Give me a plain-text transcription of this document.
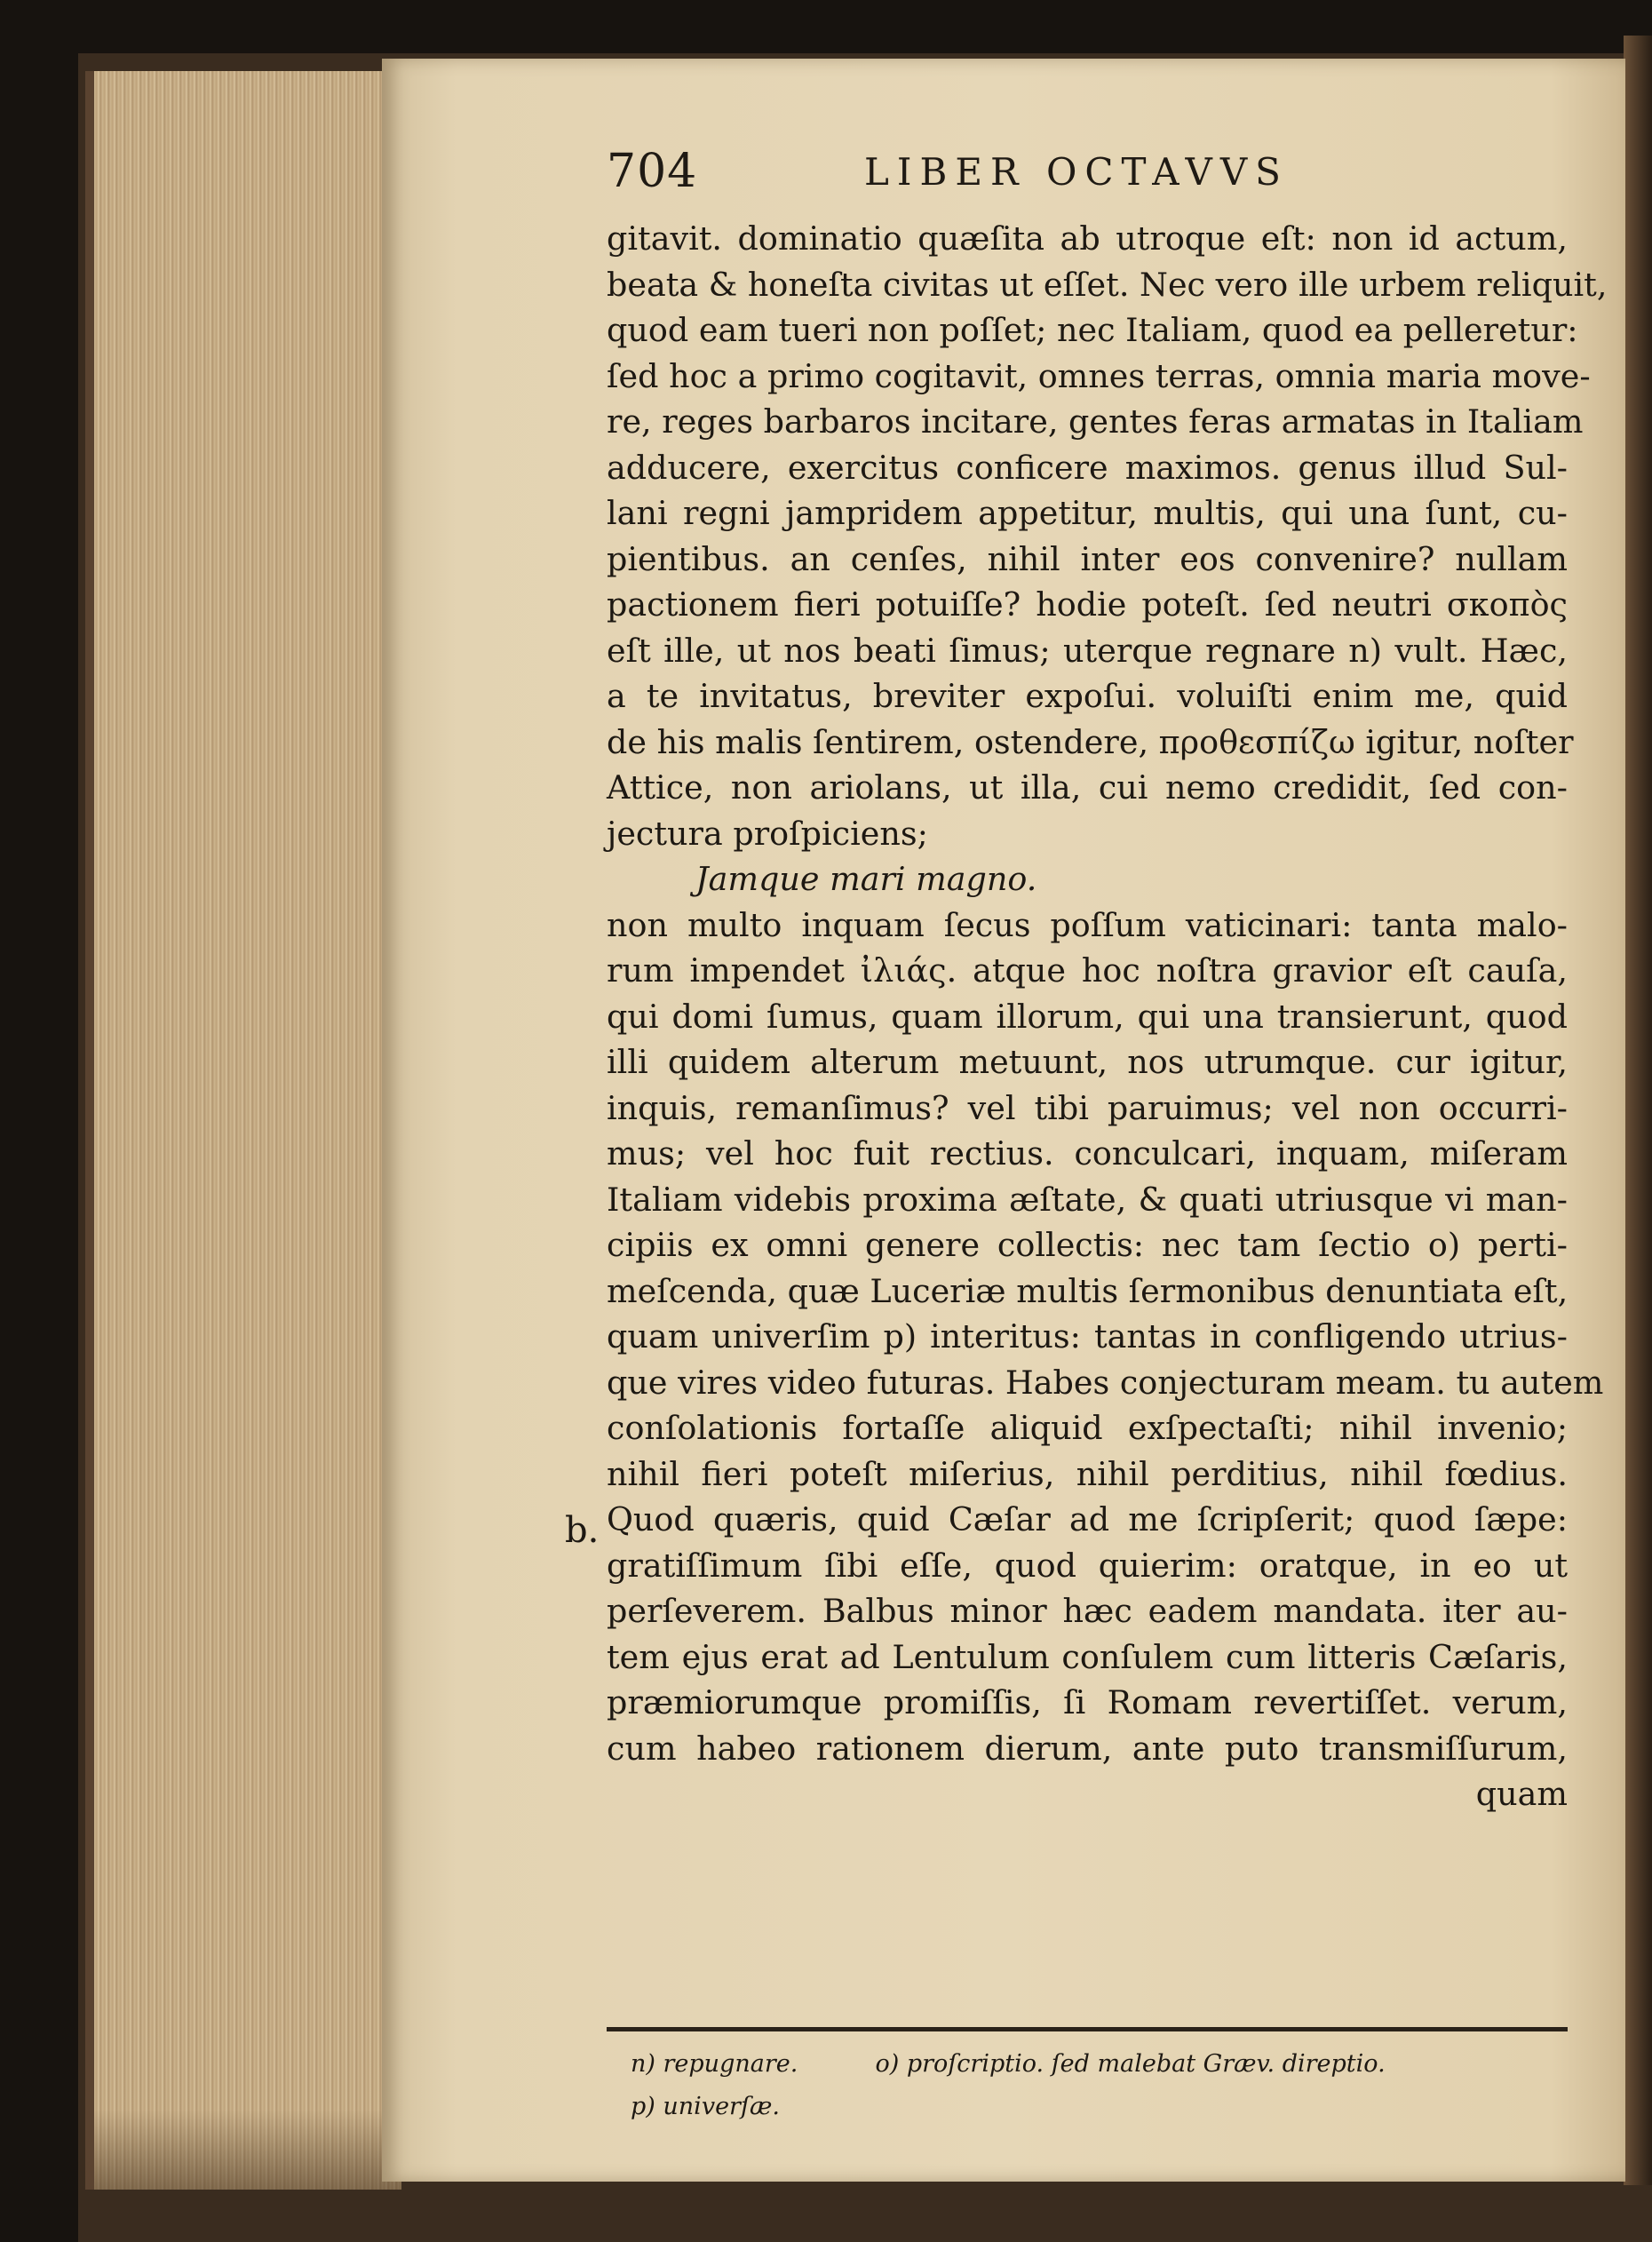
704	LIBER OCTAVVS
b.
gitavit. dominatio quæſita ab utroque eſt: non id actum,
beata & honeſta civitas ut eſſet. Nec vero ille urbem reliquit,
quod eam tueri non poſſet; nec Italiam, quod ea pelleretur:
ſed hoc a primo cogitavit, omnes terras, omnia maria move-
re, reges barbaros incitare, gentes feras armatas in Italiam
adducere, exercitus conficere maximos. genus illud Sul-
lani regni jampridem appetitur, multis, qui una ſunt, cu-
pientibus. an cenſes, nihil inter eos convenire? nullam
pactionem fieri potuiſſe? hodie poteſt. ſed neutri σκοπὸς
eſt ille, ut nos beati ſimus; uterque regnare n) vult. Hæc,
a te invitatus, breviter expoſui. voluiſti enim me, quid
de his malis ſentirem, ostendere, προθεσπίζω igitur, noſter
Attice, non ariolans, ut illa, cui nemo credidit, ſed con-
jectura proſpiciens;
Jamque mari magno.
non multo inquam ſecus poſſum vaticinari: tanta malo-
rum impendet ἰλιάς. atque hoc noſtra gravior eſt cauſa,
qui domi ſumus, quam illorum, qui una transierunt, quod
illi quidem alterum metuunt, nos utrumque. cur igitur,
inquis, remanſimus? vel tibi paruimus; vel non occurri-
mus; vel hoc fuit rectius. conculcari, inquam, miſeram
Italiam videbis proxima æſtate, & quati utriusque vi man-
cipiis ex omni genere collectis: nec tam ſectio o) perti-
meſcenda, quæ Luceriæ multis ſermonibus denuntiata eſt,
quam univerſim p) interitus: tantas in confligendo utrius-
que vires video futuras. Habes conjecturam meam. tu autem
conſolationis fortaſſe aliquid exſpectaſti; nihil invenio;
nihil fieri poteſt miſerius, nihil perditius, nihil fœdius.
Quod quæris, quid Cæſar ad me ſcripſerit; quod ſæpe:
gratiſſimum ſibi eſſe, quod quierim: oratque, in eo ut
perſeverem. Balbus minor hæc eadem mandata. iter au-
tem ejus erat ad Lentulum conſulem cum litteris Cæſaris,
præmiorumque promiſſis, ſi Romam revertiſſet. verum,
cum habeo rationem dierum, ante puto transmiſſurum,
quam
n) repugnare.	o) proſcriptio. ſed malebat Græv. direptio.
p) univerſæ.
